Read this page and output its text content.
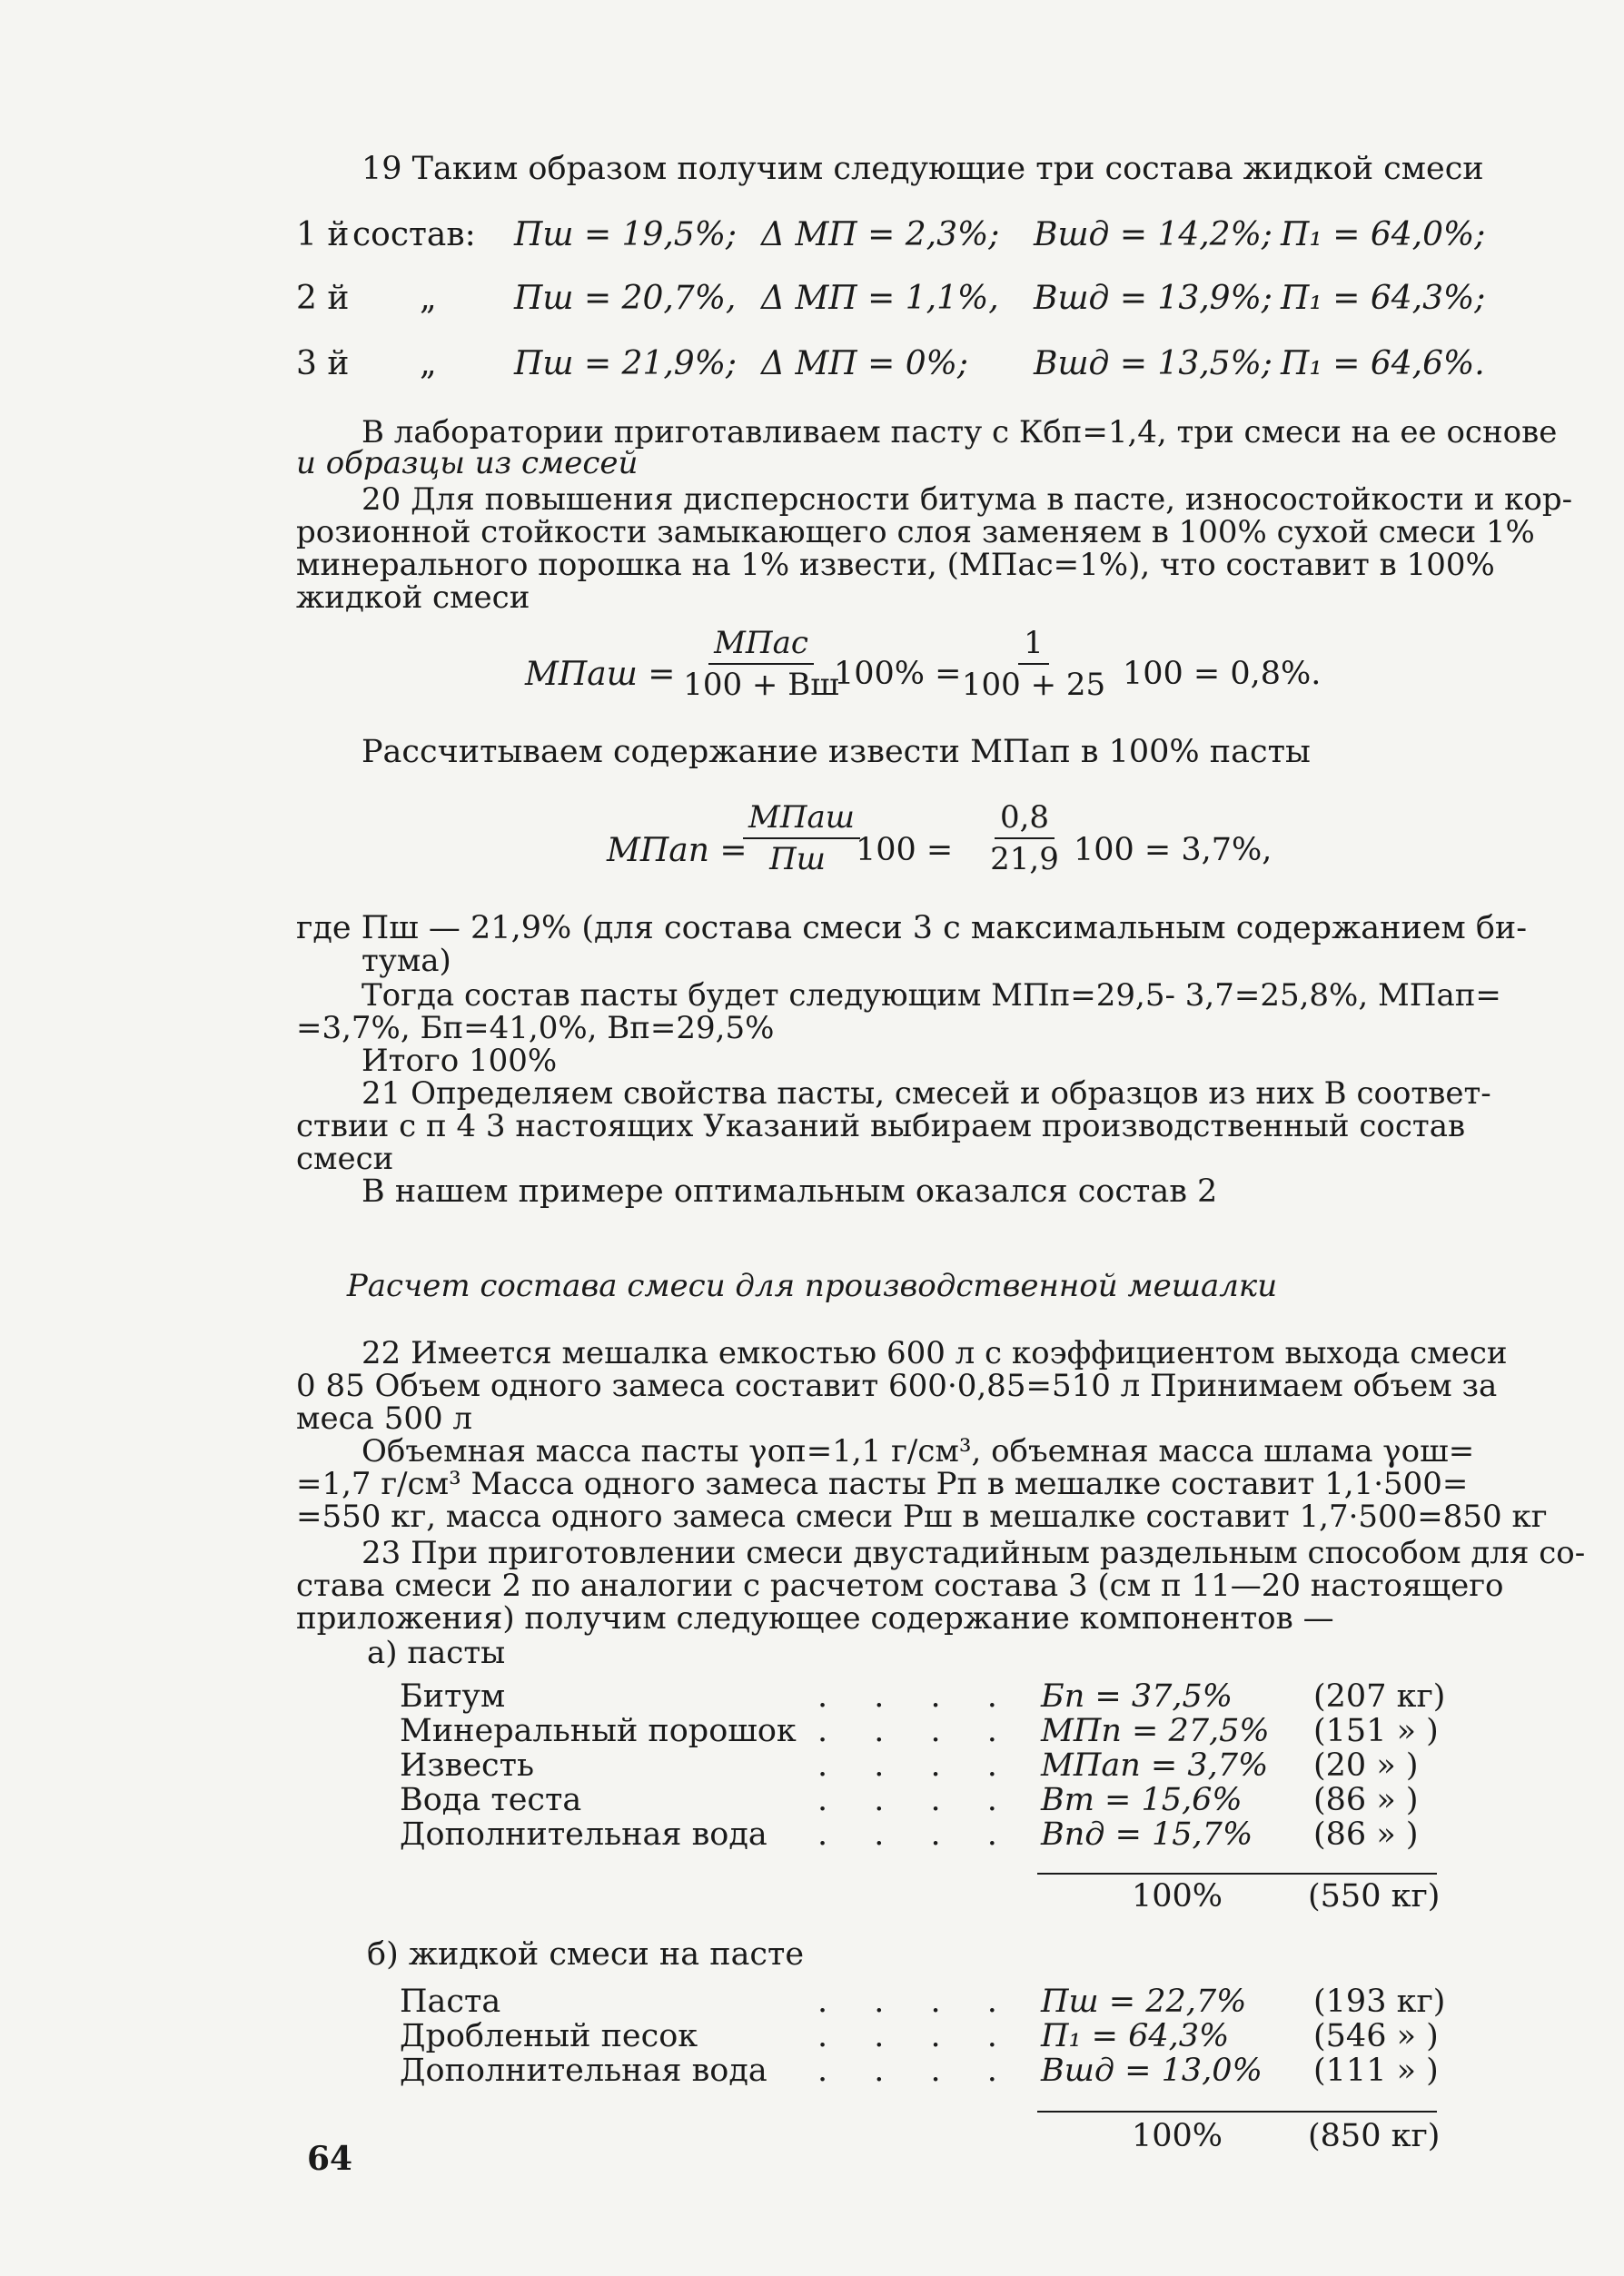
19 Таким образом получим следующие три состава жидкой смеси
1 й состав: Пш = 19,5%; Δ МП = 2,3%; Вшд = 14,2%; П₁ = 64,0%;
2 й „ Пш = 20,7%, Δ МП = 1,1%, Вшд = 13,9%; П₁ = 64,3%;
3 й „ Пш = 21,9%; Δ МП = 0%; Вшд = 13,5%; П₁ = 64,6%.
В лаборатории приготавливаем пасту с Кбп=1,4, три смеси на ее основе
и образцы из смесей
20 Для повышения дисперсности битума в пасте, износостойкости и кор-
розионной стойкости замыкающего слоя заменяем в 100% сухой смеси 1%
минерального порошка на 1% извести, (МПас=1%), что составит в 100%
жидкой смеси
МПаш =
МПас
100 + Вш
$100\% = \frac{1}{100 + 25} 100 = 0,8\%$.
Рассчитываем содержание извести МПап в 100% пасты
МПап =
МПаш
Пш $100 = \frac{0,8}{21,9} 100 = 3,7\%$,
где Пш — 21,9% (для состава смеси 3 с максимальным содержанием би-
тума)
Тогда состав пасты будет следующим МПп=29,5- 3,7=25,8%, МПап=
=3,7%, Бп=41,0%, Вп=29,5%
Итого 100%
21 Определяем свойства пасты, смесей и образцов из них В соответ-
ствии с п 4 3 настоящих Указаний выбираем производственный состав
смеси
В нашем примере оптимальным оказался состав 2
Расчет состава смеси для производственной мешалки
22 Имеется мешалка емкостью 600 л с коэффициентом выхода смеси
0 85 Объем одного замеса составит 600·0,85=510 л Принимаем объем за
меса 500 л
Объемная масса пасты γоп=1,1 г/см³, объемная масса шлама γош=
=1,7 г/см³ Масса одного замеса пасты Рп в мешалке составит 1,1·500=
=550 кг, масса одного замеса смеси Рш в мешалке составит 1,7·500=850 кг
23 При приготовлении смеси двустадийным раздельным способом для со-
става смеси 2 по аналогии с расчетом состава 3 (см п 11—20 настоящего
приложения) получим следующее содержание компонентов —
а) пасты
Битум	. . . . Бп = 37,5%	(207 кг)
Минеральный порошок . . . . МПп = 27,5% (151 » )
Известь	. . . . МПап = 3,7% (20 » )
Вода теста	. . . . Вт = 15,6% (86 » )
Дополнительная вода . . . . Впд = 15,7% (86 » )
100%	(550 кг)
б) жидкой смеси на пасте
Паста	. . . . Пш = 22,7% (193 кг)
Дробленый песок	. . . . П₁ = 64,3%	(546 » )
Дополнительная вода . . . . Вшд = 13,0% (111 » )
100%	(850 кг)
64
